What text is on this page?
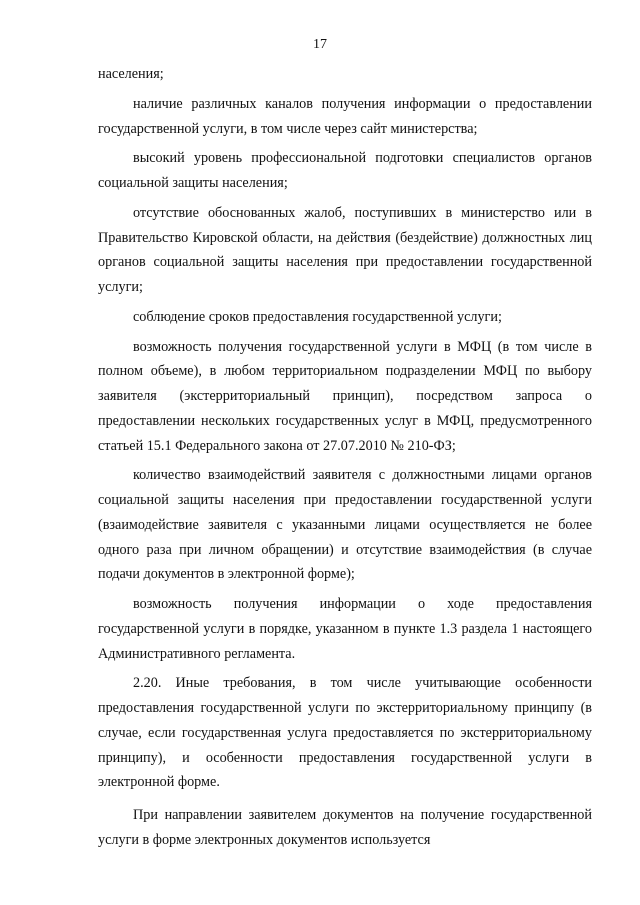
17

населения;

наличие различных каналов получения информации о предоставлении государственной услуги, в том числе через сайт министерства;

высокий уровень профессиональной подготовки специалистов органов социальной защиты населения;

отсутствие обоснованных жалоб, поступивших в министерство или в Правительство Кировской области, на действия (бездействие) должностных лиц органов социальной защиты населения при предоставлении государственной услуги;

соблюдение сроков предоставления государственной услуги;

возможность получения государственной услуги в МФЦ (в том числе в полном объеме), в любом территориальном подразделении МФЦ по выбору заявителя (экстерриториальный принцип), посредством запроса о предоставлении нескольких государственных услуг в МФЦ, предусмотренного статьей 15.1 Федерального закона от 27.07.2010 № 210-ФЗ;

количество взаимодействий заявителя с должностными лицами органов социальной защиты населения при предоставлении государственной услуги (взаимодействие заявителя с указанными лицами осуществляется не более одного раза при личном обращении) и отсутствие взаимодействия (в случае подачи документов в электронной форме);

возможность получения информации о ходе предоставления государственной услуги в порядке, указанном в пункте 1.3 раздела 1 настоящего Административного регламента.

2.20. Иные требования, в том числе учитывающие особенности предоставления государственной услуги по экстерриториальному принципу (в случае, если государственная услуга предоставляется по экстерриториальному принципу), и особенности предоставления государственной услуги в электронной форме.

При направлении заявителем документов на получение государственной услуги в форме электронных документов используется
